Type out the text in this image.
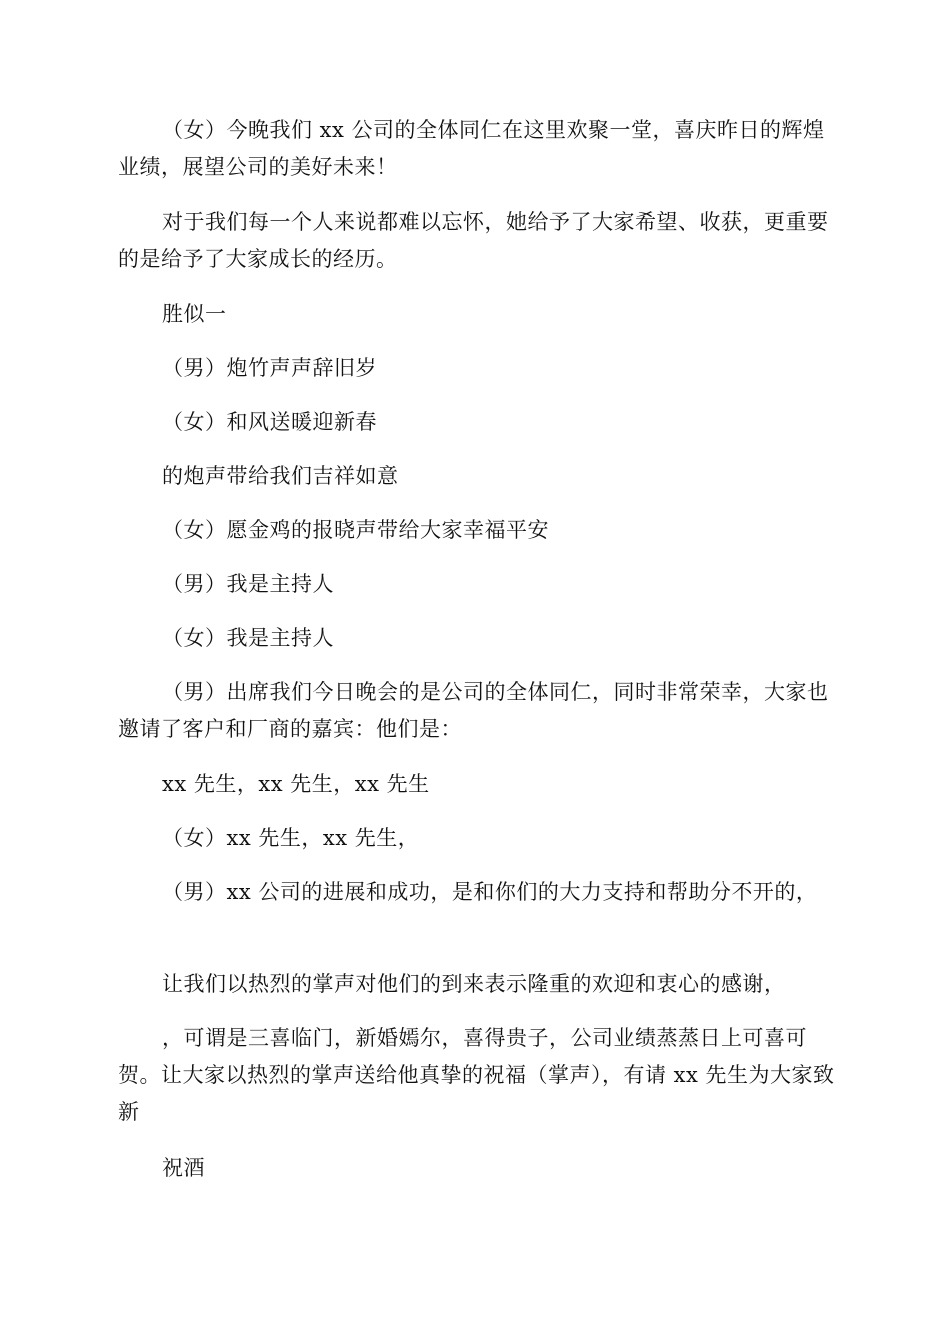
（女）今晚我们 xx 公司的全体同仁在这里欢聚一堂，喜庆昨日的辉煌业绩，展望公司的美好未来！

对于我们每一个人来说都难以忘怀，她给予了大家希望、收获，更重要的是给予了大家成长的经历。

胜似一

（男）炮竹声声辞旧岁

（女）和风送暖迎新春

的炮声带给我们吉祥如意

（女）愿金鸡的报晓声带给大家幸福平安

（男）我是主持人

（女）我是主持人

（男）出席我们今日晚会的是公司的全体同仁，同时非常荣幸，大家也邀请了客户和厂商的嘉宾：他们是：

xx 先生，xx 先生，xx 先生

（女）xx 先生，xx 先生，

（男）xx 公司的进展和成功，是和你们的大力支持和帮助分不开的，

让我们以热烈的掌声对他们的到来表示隆重的欢迎和衷心的感谢，

，可谓是三喜临门，新婚嫣尔，喜得贵子，公司业绩蒸蒸日上可喜可贺。让大家以热烈的掌声送给他真挚的祝福（掌声），有请 xx 先生为大家致新

祝酒
